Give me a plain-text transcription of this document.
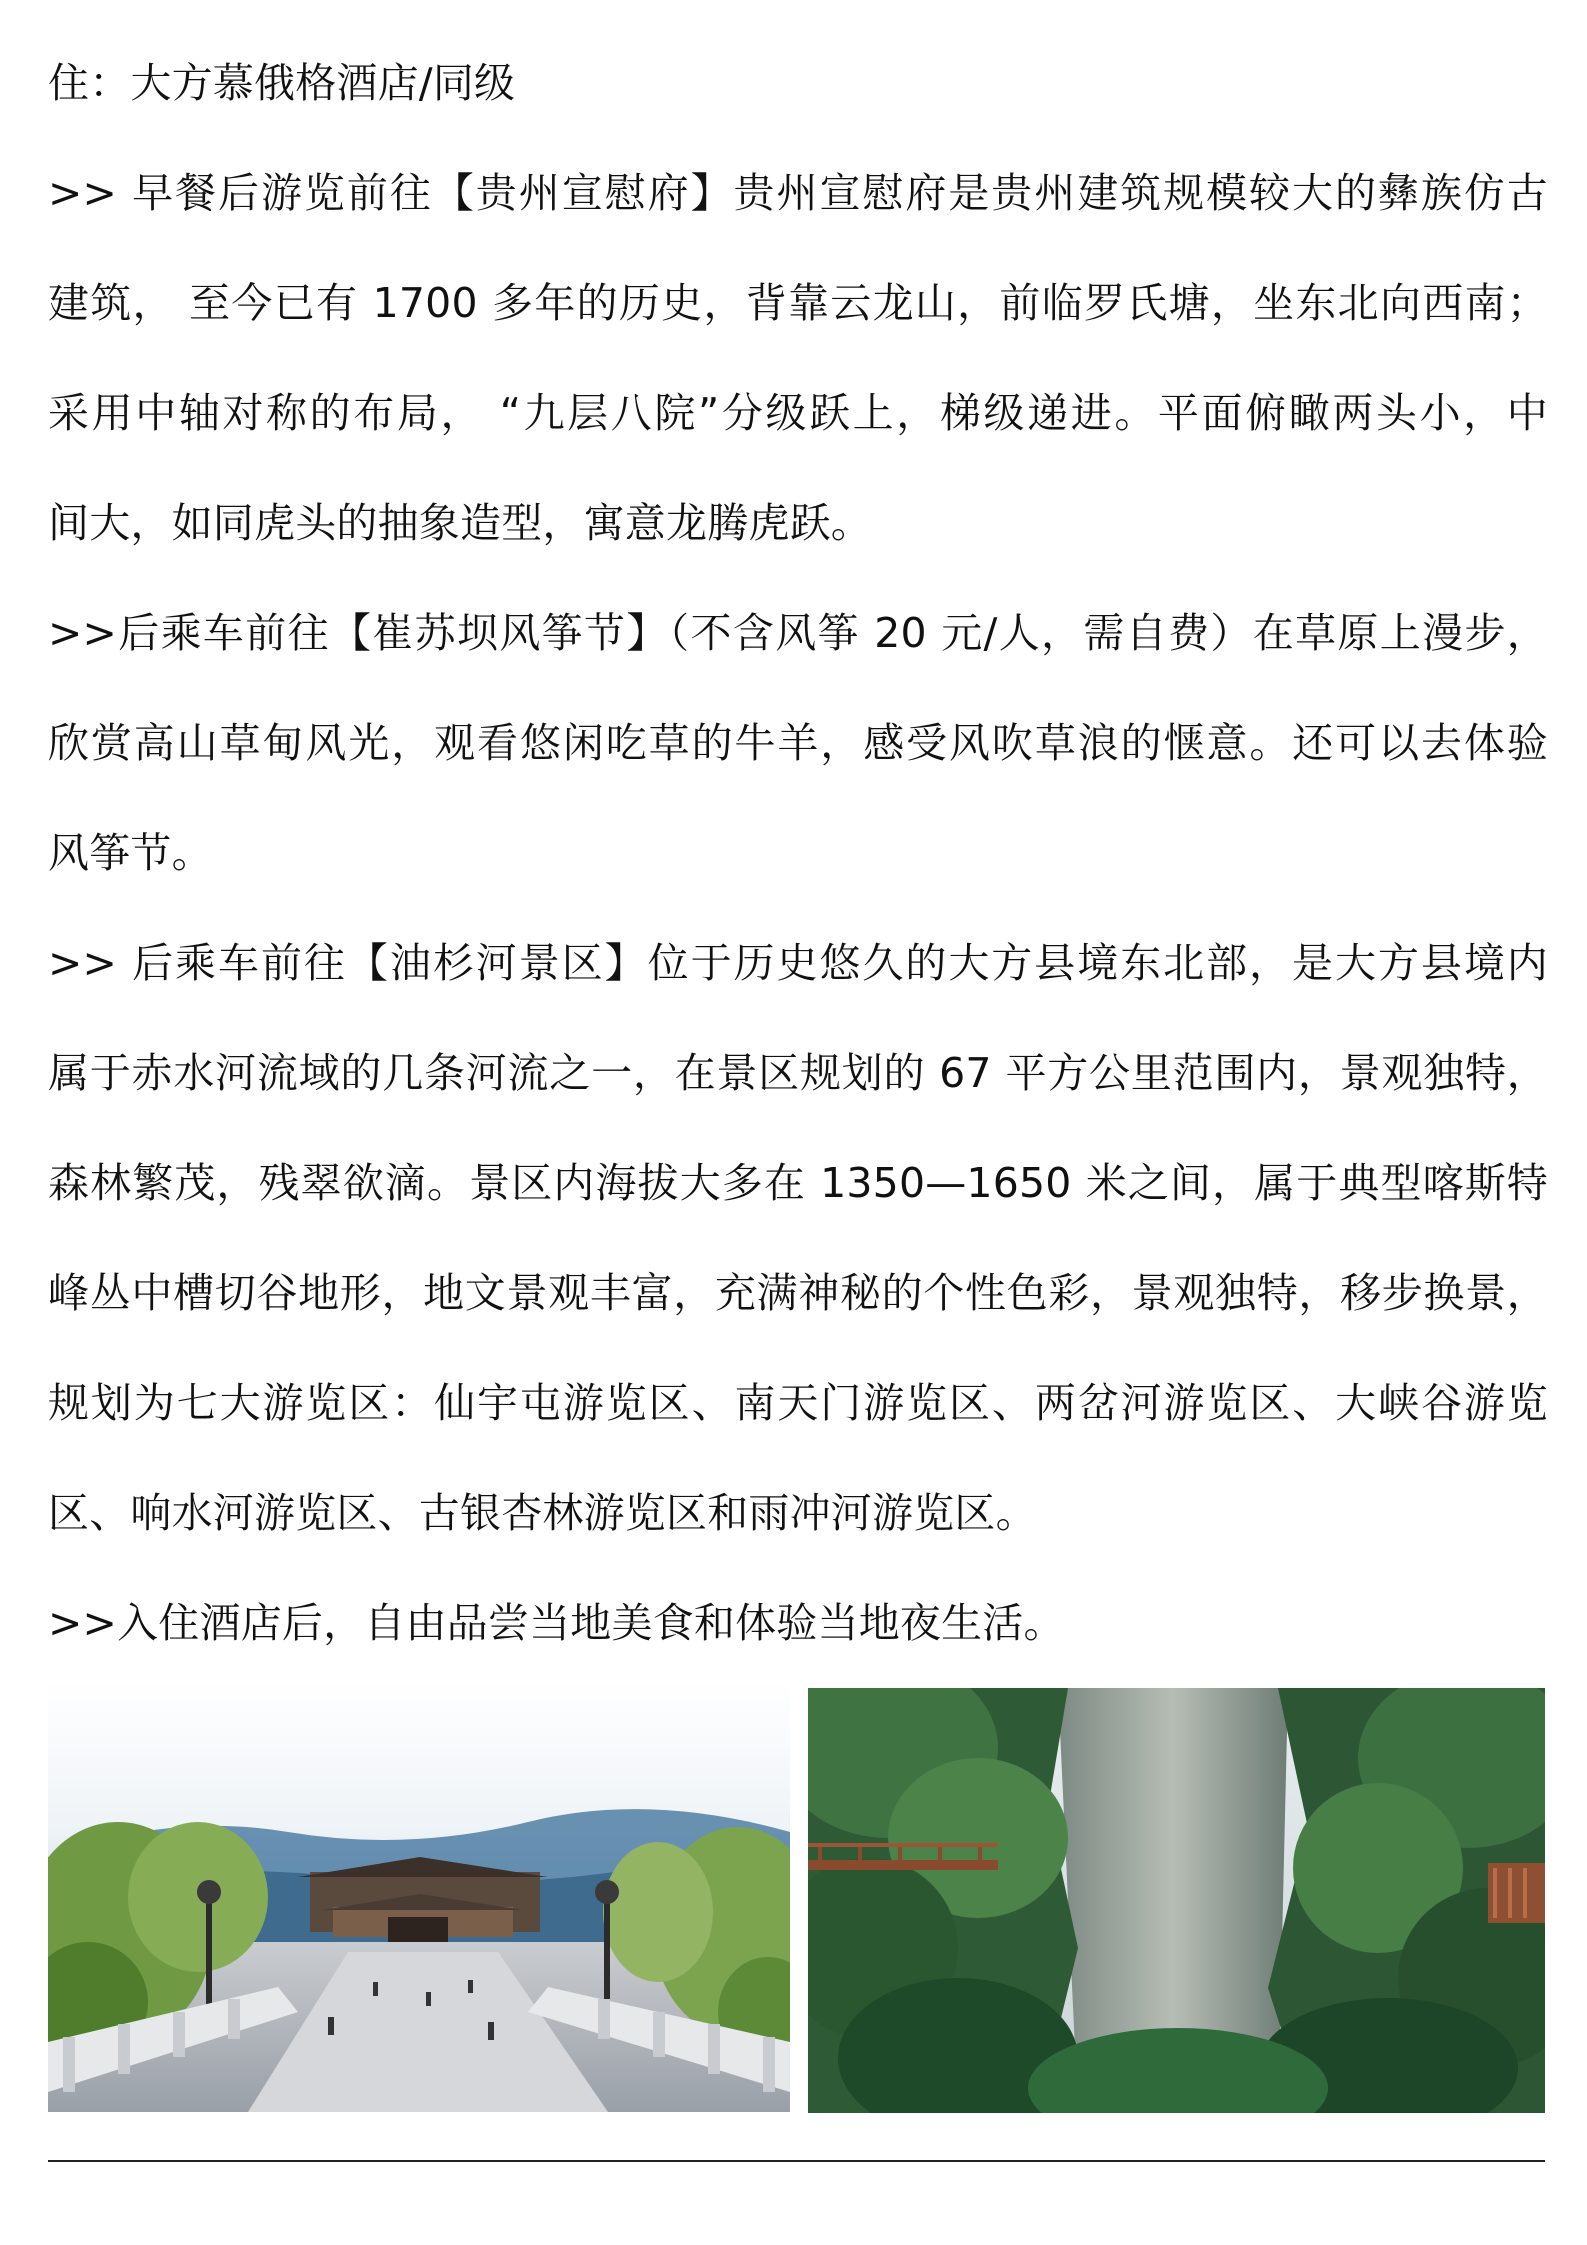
住：大方慕俄格酒店/同级
>> 早餐后游览前往【贵州宣慰府】贵州宣慰府是贵州建筑规模较大的彝族仿古
建筑， 至今已有 1700 多年的历史，背靠云龙山，前临罗氏塘，坐东北向西南；
采用中轴对称的布局， “九层八院”分级跃上，梯级递进。平面俯瞰两头小，中
间大，如同虎头的抽象造型，寓意龙腾虎跃。
>>后乘车前往【崔苏坝风筝节】（不含风筝 20 元/人，需自费）在草原上漫步，
欣赏高山草甸风光，观看悠闲吃草的牛羊，感受风吹草浪的惬意。还可以去体验
风筝节。
>> 后乘车前往【油杉河景区】位于历史悠久的大方县境东北部，是大方县境内
属于赤水河流域的几条河流之一，在景区规划的 67 平方公里范围内，景观独特，
森林繁茂，残翠欲滴。景区内海拔大多在 1350—1650 米之间，属于典型喀斯特
峰丛中槽切谷地形，地文景观丰富，充满神秘的个性色彩，景观独特，移步换景，
规划为七大游览区：仙宇屯游览区、南天门游览区、两岔河游览区、大峡谷游览
区、响水河游览区、古银杏林游览区和雨冲河游览区。
>>入住酒店后，自由品尝当地美食和体验当地夜生活。
